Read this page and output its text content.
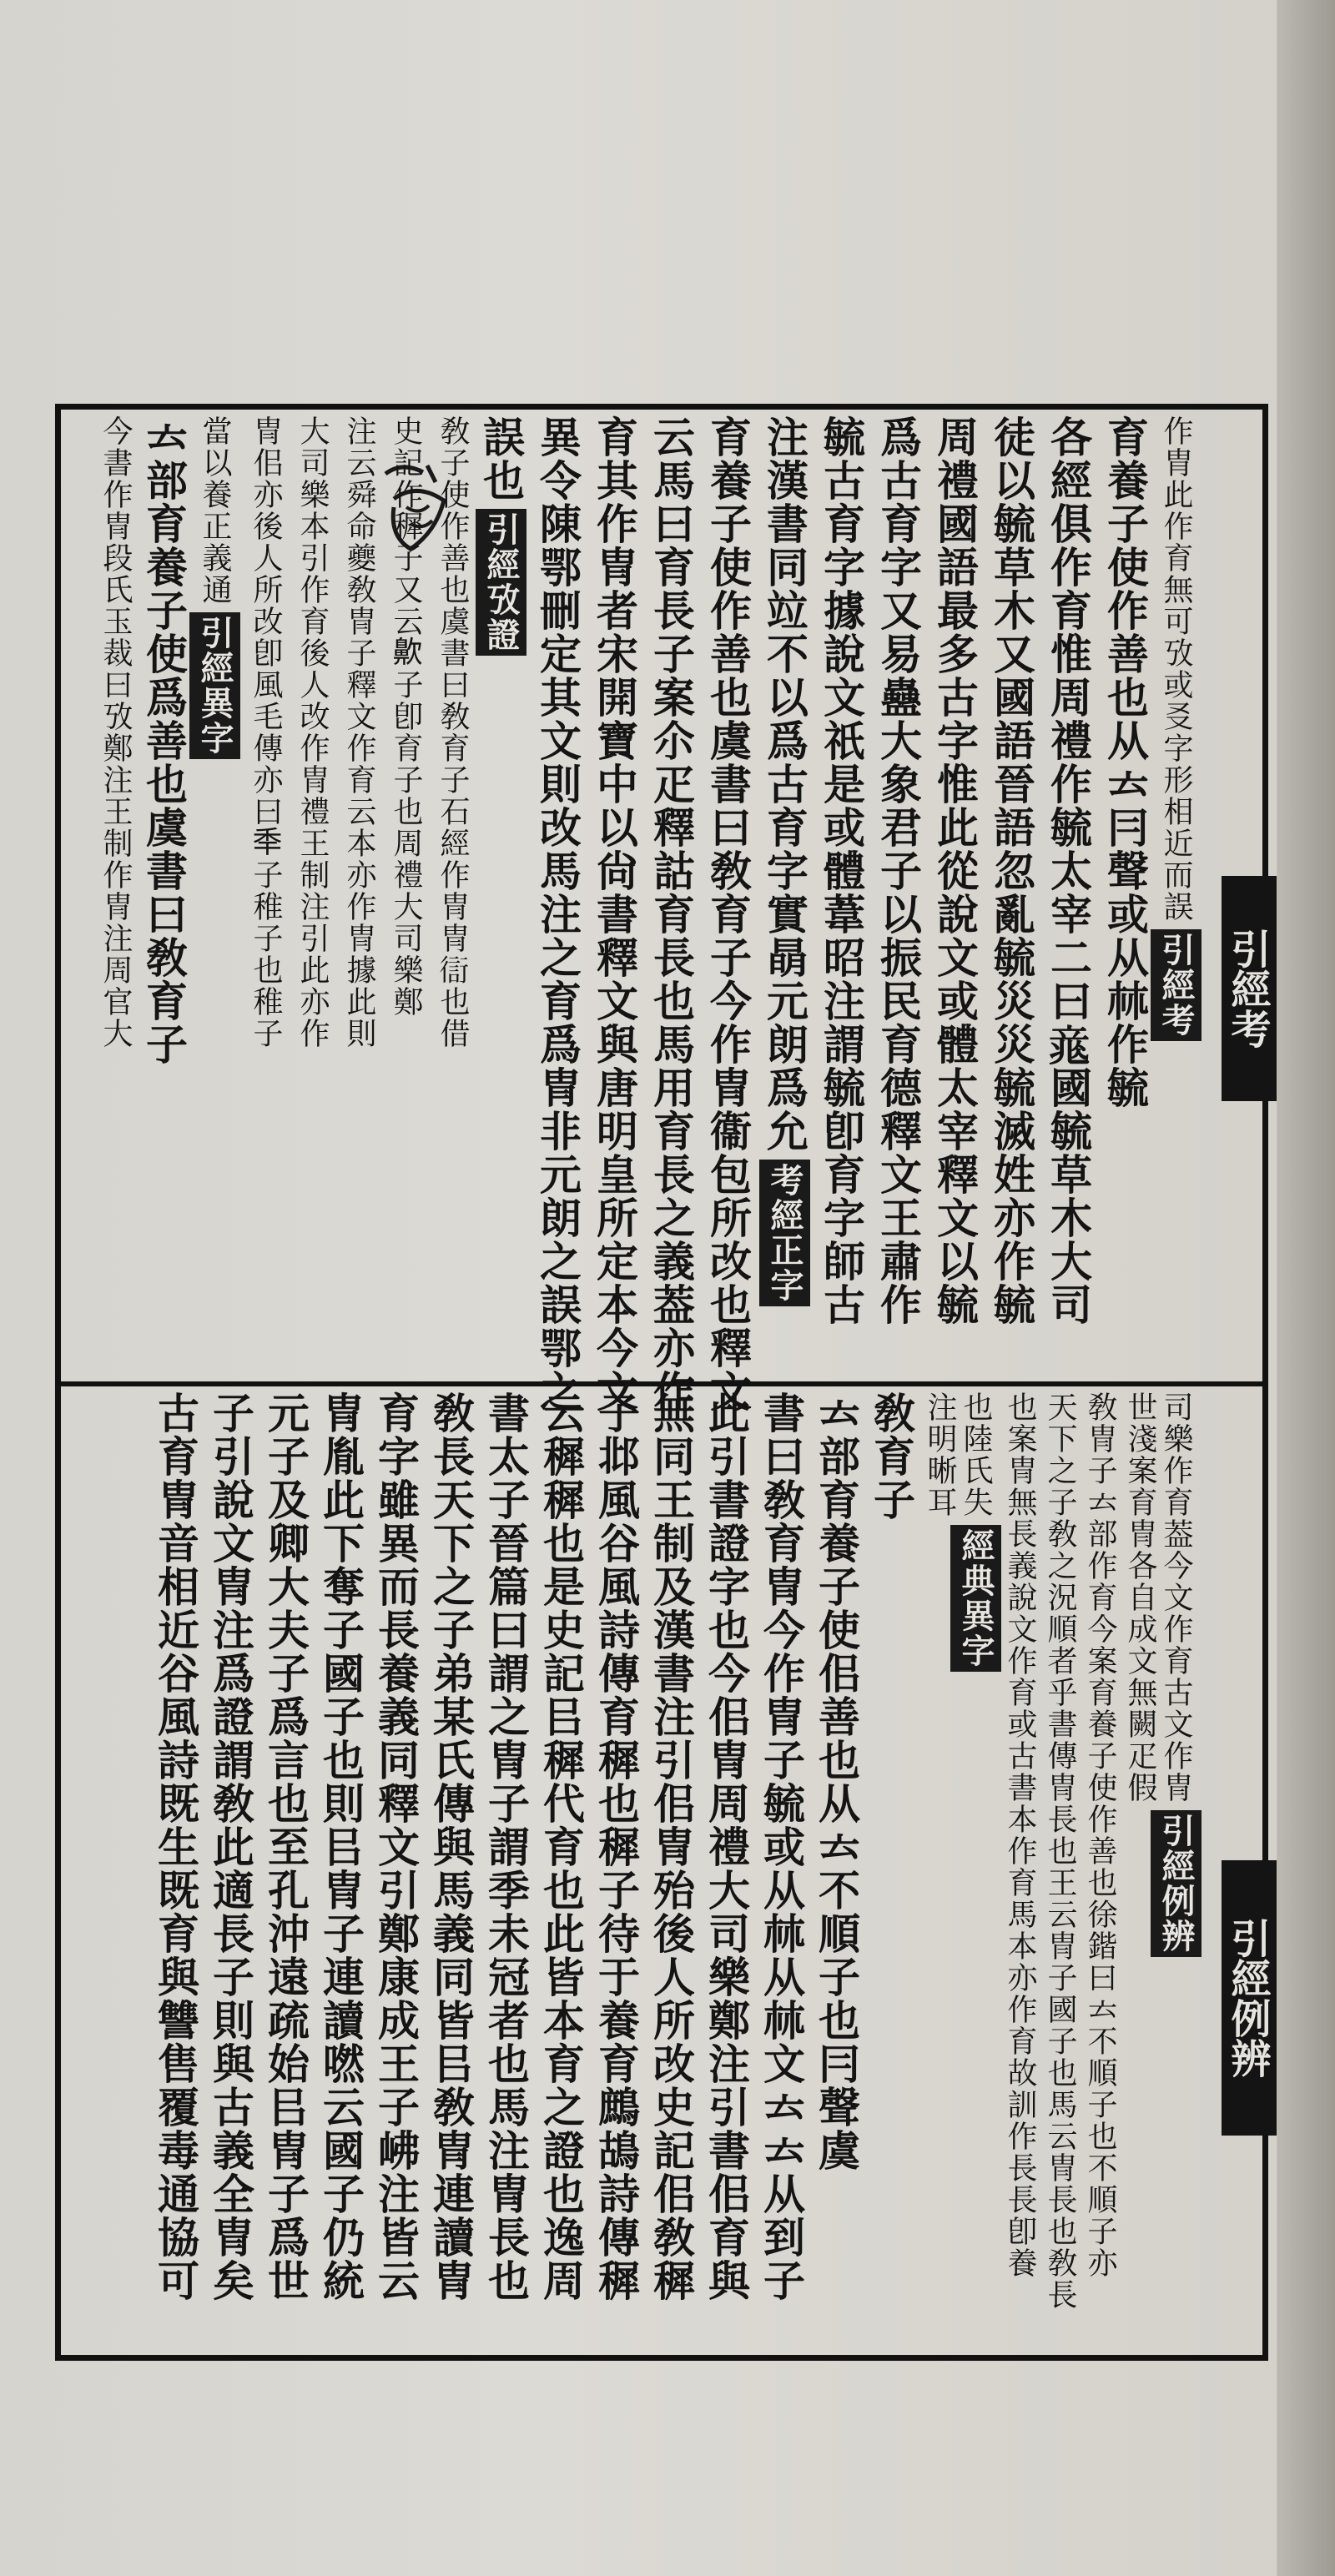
引經考
引經例辨
作胄此作育無可攷或㕛字形相近而誤引經考
育養子使作善也从𠫓冃聲或从𣏟作毓
各經俱作育惟周禮作毓太宰二曰𥪐國毓草木大司
徒以毓草木又國語晉語忽亂毓災災毓滅姓亦作毓
周禮國語最多古字惟此從說文或體太宰釋文以毓
爲古育字又易蠱大象君子以振民育德釋文王肅作
毓古育字據說文祇是或體葦昭注謂毓卽育字師古
注漢書同竝不以爲古育字實𣇵元朗爲允考經正字
育養子使作善也虞書曰敎育子今作冑衞包所改也釋文
云馬曰育長子案尒疋釋詁育長也馬用育長之義葢亦作
育其作冑者宋開寶中以尙書釋文與唐明皇所定本今文
異令陳鄂刪定其文則改馬注之育爲冑非元朗之誤鄂之
誤也引經攷證
敎子使作善也虞書曰敎育子石經作冑冑𧗳也借
史記作穉子又云𪖗子卽育子也周禮大司樂鄭
注云舜命夔敎冑子釋文作育云本亦作冑據此則
大司樂本引作育後人改作冑禮王制注引此亦作
冑佀亦後人所改卽風毛傳亦曰𥝝子稚子也稚子
當以養正義通引經異字
𠫓部育養子使爲善也虞書曰敎育子
今書作冑段氏玉裁曰攷鄭注王制作冑注周官大
司樂作育葢今文作育古文作冑引經例辨
世淺案育冑各自成文無闕疋假
敎冑子𠫓部作育今案育養子使作善也徐鍇曰𠫓不順子也不順子亦
天下之子敎之況順者乎書傳冑長也王云冑子國子也馬云冑長也敎長
也案冑無長義說文作育或古書本作育馬本亦作育故訓作長長卽養
也陸氏失經典異字
注明晰耳
敎育子
𠫓部育養子使佀善也从𠫓不順子也冃聲虞
書曰敎育冑今作冑子毓或从𣏟从𣏟文𠫓𠫓从到子
此引書證字也今佀冑周禮大司樂鄭注引書佀育與
無同王制及漢書注引佀冑殆後人所改史記佀敎穉
子邶風谷風詩傳育穉也穉子待于養育鷓鴣詩傳穉
云穉穉也是史記㠯穉代育也此皆本育之證也逸周
書太子晉篇曰謂之冑子謂季未冠者也馬注冑長也
敎長天下之子弟某氏傳與馬義同皆㠯敎冑連讀冑
育字雖異而長養義同釋文引鄭康成王子𡶒注皆云
冑胤此下奪子國子也則㠯冑子連讀嘫云國子仍統
元子及卿大夫子爲言也至孔沖遠疏始㠯冑子爲世
子引說文冑注爲證謂敎此適長子則與古義全冑矣
古育冑音相近谷風詩既生既育與讐售覆毒通協可
